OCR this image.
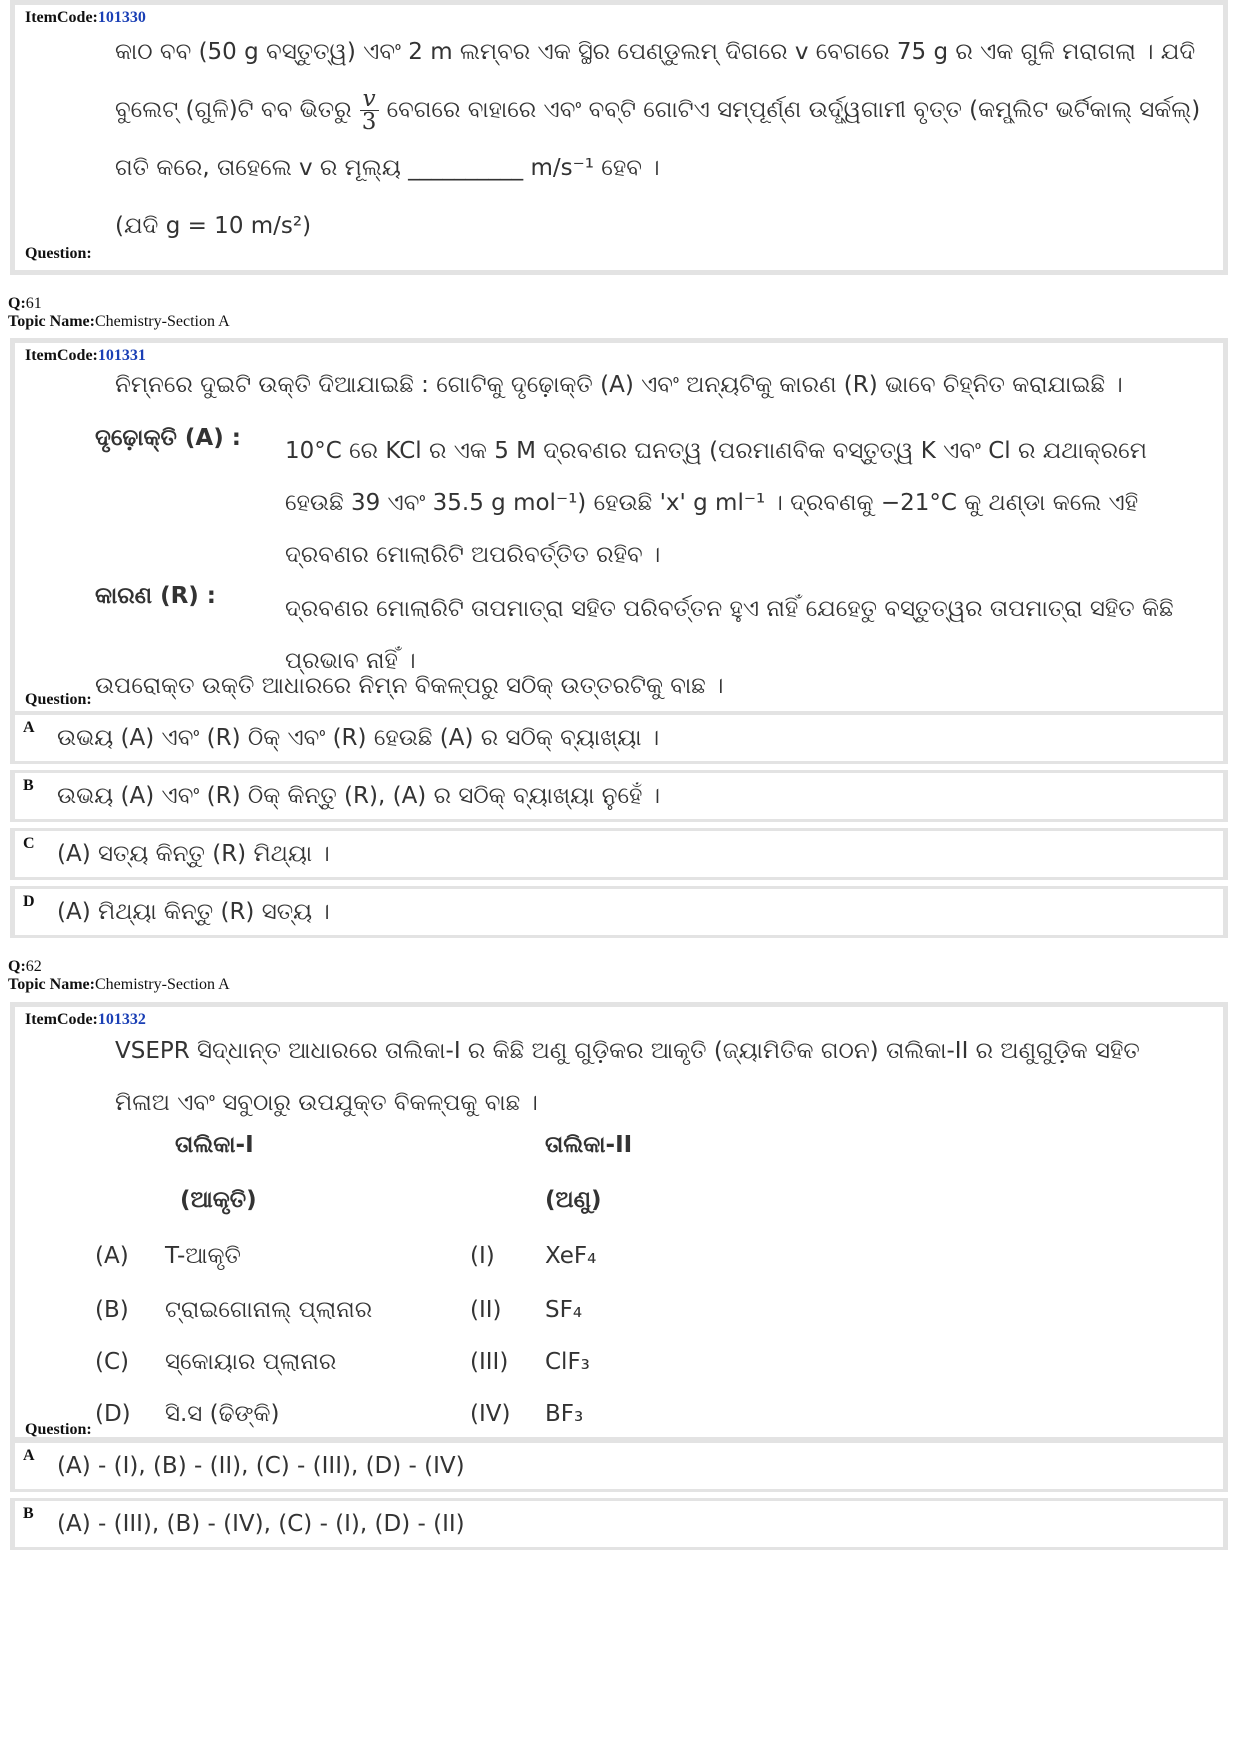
ItemCode:101330
କାଠ ବବ (50 g ବସ୍ତୁତ୍ୱ) ଏବଂ 2 m ଲମ୍ବର ଏକ ସ୍ଥିର ପେଣ୍ଡୁଲମ୍ ଦିଗରେ v ବେଗରେ 75 g ର ଏକ ଗୁଳି ମରାଗଲା । ଯଦି
ବୁଲେଟ୍ (ଗୁଳି)ଟି ବବ ଭିତରୁ v
3 ବେଗରେ ବାହାରେ ଏବଂ ବବ୍‌ଟି ଗୋଟିଏ ସମ୍ପୂର୍ଣ୍ଣ ଉର୍ଦ୍ଧ୍ୱଗାମୀ ବୃତ୍ତ (କମ୍ପ୍ଲିଟ ଭର୍ଟିକାଲ୍ ସର୍କଲ୍)
ଗତି କରେ, ତାହେଲେ v ର ମୂଲ୍ୟ __________ m/s⁻¹ ହେବ ।
(ଯଦି g = 10 m/s²)
Question:
Q:61
Topic Name:Chemistry-Section A
ItemCode:101331
ନିମ୍ନରେ ଦୁଇଟି ଉକ୍ତି ଦିଆଯାଇଛି : ଗୋଟିକୁ ଦୃଢ଼ୋକ୍ତି (A) ଏବଂ ଅନ୍ୟଟିକୁ କାରଣ (R) ଭାବେ ଚିହ୍ନିତ କରାଯାଇଛି ।
ଦୃଢ଼ୋକ୍ତି (A) : 10°C ରେ KCl ର ଏକ 5 M ଦ୍ରବଣର ଘନତ୍ୱ (ପରମାଣବିକ ବସ୍ତୁତ୍ୱ K ଏବଂ Cl ର ଯଥାକ୍ରମେ
ହେଉଛି 39 ଏବଂ 35.5 g mol⁻¹) ହେଉଛି 'x' g ml⁻¹ । ଦ୍ରବଣକୁ −21°C କୁ ଥଣ୍ଡା କଲେ ଏହି
ଦ୍ରବଣର ମୋଲାରିଟି ଅପରିବର୍ତ୍ତିତ ରହିବ ।
କାରଣ (R) :	ଦ୍ରବଣର ମୋଲାରିଟି ତାପମାତ୍ରା ସହିତ ପରିବର୍ତ୍ତନ ହୁଏ ନାହିଁ ଯେହେତୁ ବସ୍ତୁତ୍ୱର ତାପମାତ୍ରା ସହିତ କିଛି
ପ୍ରଭାବ ନାହିଁ ।
ଉପରୋକ୍ତ ଉକ୍ତି ଆଧାରରେ ନିମ୍ନ ବିକଳ୍ପରୁ ସଠିକ୍ ଉତ୍ତରଟିକୁ ବାଛ ।
Question:
A ଉଭୟ (A) ଏବଂ (R) ଠିକ୍ ଏବଂ (R) ହେଉଛି (A) ର ସଠିକ୍ ବ୍ୟାଖ୍ୟା ।
B ଉଭୟ (A) ଏବଂ (R) ଠିକ୍ କିନ୍ତୁ (R), (A) ର ସଠିକ୍ ବ୍ୟାଖ୍ୟା ନୁହେଁ ।
C (A) ସତ୍ୟ କିନ୍ତୁ (R) ମିଥ୍ୟା ।
D (A) ମିଥ୍ୟା କିନ୍ତୁ (R) ସତ୍ୟ ।
Q:62
Topic Name:Chemistry-Section A
ItemCode:101332
VSEPR ସିଦ୍ଧାନ୍ତ ଆଧାରରେ ତାଲିକା-I ର କିଛି ଅଣୁ ଗୁଡ଼ିକର ଆକୃତି (ଜ୍ୟାମିତିକ ଗଠନ) ତାଲିକା-II ର ଅଣୁଗୁଡ଼ିକ ସହିତ
ମିଳାଅ ଏବଂ ସବୁଠାରୁ ଉପଯୁକ୍ତ ବିକଳ୍ପକୁ ବାଛ ।
ତାଲିକା-I
(ଆକୃତି)
ତାଲିକା-II
(ଅଣୁ)
(A) T-ଆକୃତି	(I) XeF₄
(B) ଟ୍ରାଇଗୋନାଲ୍ ପ୍ଲାନାର	(II) SF₄
(C) ସ୍କୋୟାର ପ୍ଲାନାର	(III) ClF₃
(D) ସି.ସ (ଢିଙ୍କି)	(IV) BF₃
Question:
A (A) - (I), (B) - (II), (C) - (III), (D) - (IV)
B (A) - (III), (B) - (IV), (C) - (I), (D) - (II)
